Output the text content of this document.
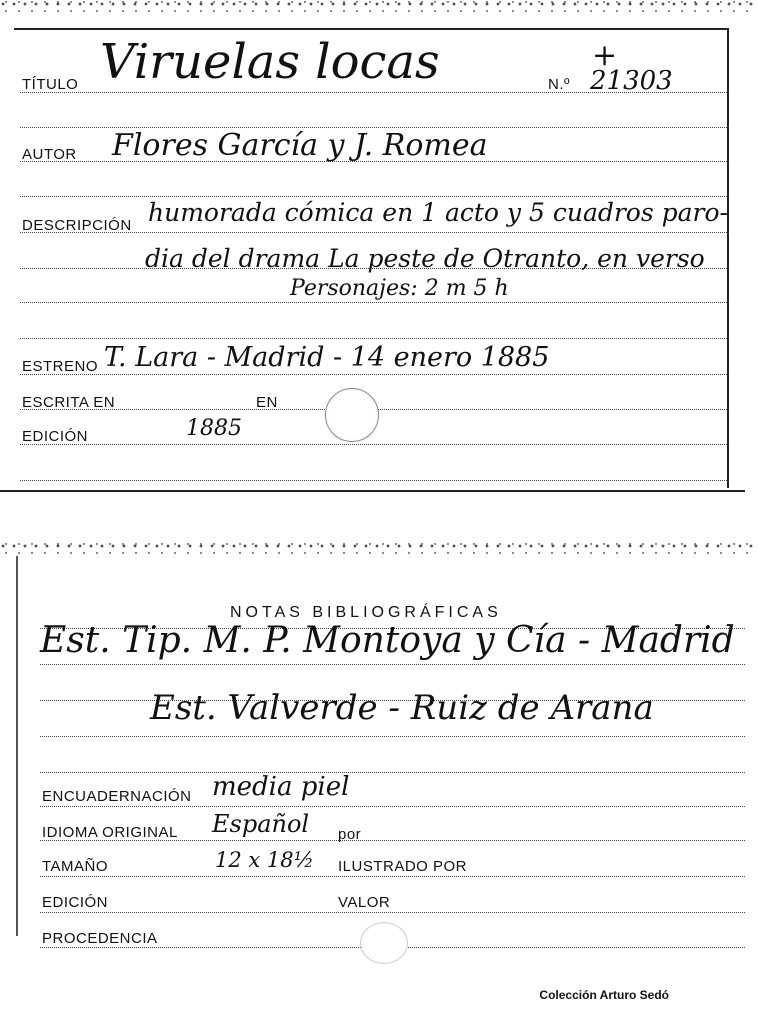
TÍTULO Viruelas locas	N.º 21303
+
AUTOR Flores García y J. Romea
DESCRIPCIÓN humorada cómica en 1 acto y 5 cuadros paro-
dia del drama La peste de Otranto, en verso
Personajes: 2 m 5 h
ESTRENO T. Lara - Madrid - 14 enero 1885
ESCRITA EN	EN
EDICIÓN	1885
NOTAS BIBLIOGRÁFICAS
Est. Tip. M. P. Montoya y Cía - Madrid
Est. Valverde - Ruiz de Arana
ENCUADERNACIÓN media piel
IDIOMA ORIGINAL Español por
TAMAÑO	12 x 18½ ILUSTRADO POR
EDICIÓN	VALOR
PROCEDENCIA
Colección Arturo Sedó
